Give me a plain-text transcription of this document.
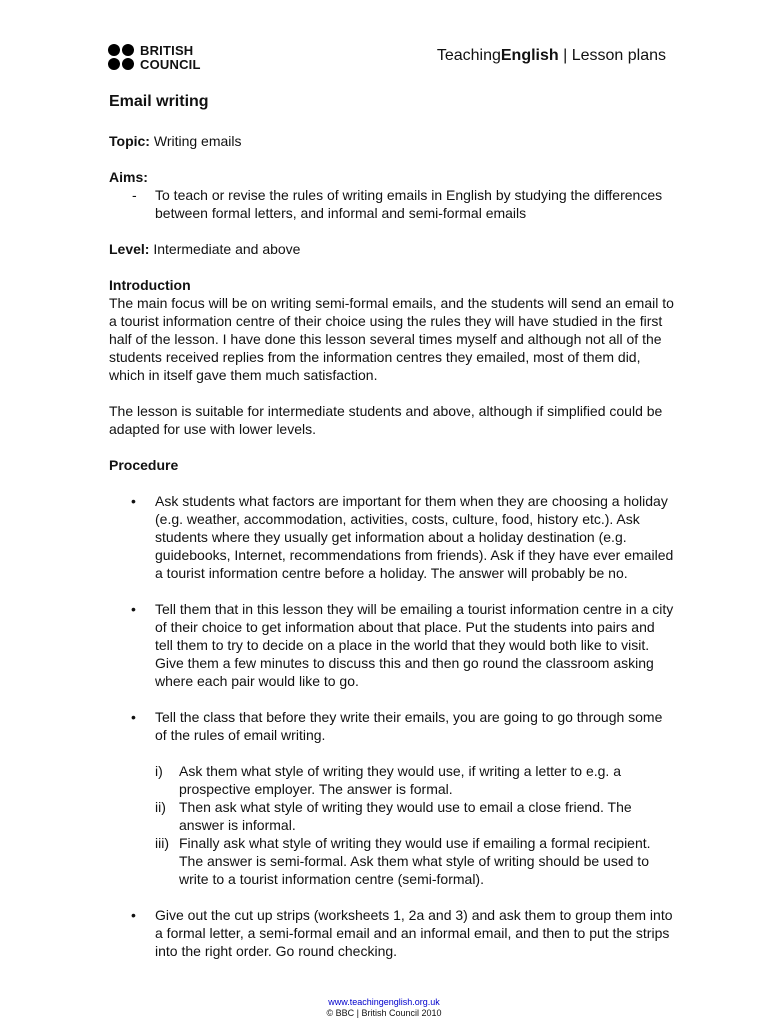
BRITISH
COUNCIL
TeachingEnglish | Lesson plans
Email writing
Topic: Writing emails
Aims:
- To teach or revise the rules of writing emails in English by studying the differences between formal letters, and informal and semi-formal emails
Level: Intermediate and above
Introduction

The main focus will be on writing semi-formal emails, and the students will send an email to a tourist information centre of their choice using the rules they will have studied in the first half of the lesson. I have done this lesson several times myself and although not all of the students received replies from the information centres they emailed, most of them did, which in itself gave them much satisfaction.

The lesson is suitable for intermediate students and above, although if simplified could be adapted for use with lower levels.

Procedure
• Ask students what factors are important for them when they are choosing a holiday (e.g. weather, accommodation, activities, costs, culture, food, history etc.). Ask students where they usually get information about a holiday destination (e.g. guidebooks, Internet, recommendations from friends). Ask if they have ever emailed a tourist information centre before a holiday. The answer will probably be no.
• Tell them that in this lesson they will be emailing a tourist information centre in a city of their choice to get information about that place. Put the students into pairs and tell them to try to decide on a place in the world that they would both like to visit. Give them a few minutes to discuss this and then go round the classroom asking where each pair would like to go.
• Tell the class that before they write their emails, you are going to go through some of the rules of email writing.
i) Ask them what style of writing they would use, if writing a letter to e.g. a prospective employer. The answer is formal.
ii) Then ask what style of writing they would use to email a close friend. The answer is informal.
iii) Finally ask what style of writing they would use if emailing a formal recipient. The answer is semi-formal. Ask them what style of writing should be used to write to a tourist information centre (semi-formal).
• Give out the cut up strips (worksheets 1, 2a and 3) and ask them to group them into a formal letter, a semi-formal email and an informal email, and then to put the strips into the right order. Go round checking.
www.teachingenglish.org.uk
© BBC | British Council 2010
